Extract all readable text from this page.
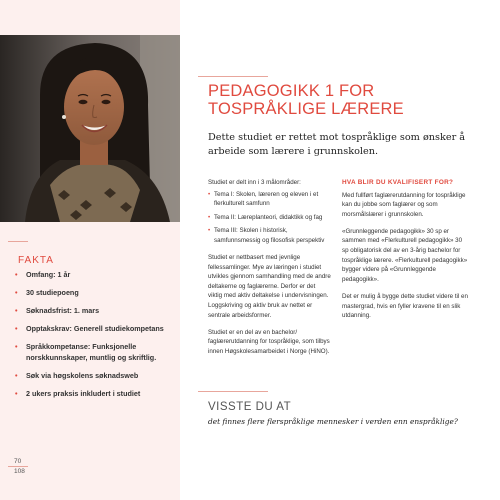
FAKTA
• Omfang: 1 år
• 30 studiepoeng
• Søknadsfrist: 1. mars
• Opptakskrav: Generell studiekompetans
• Språkkompetanse: Funksjonelle norskkunnskaper, muntlig og skriftlig.
• Søk via høgskolens søknadsweb
• 2 ukers praksis inkludert i studiet
70
108
PEDAGOGIKK 1 FOR TOSPRÅKLIGE LÆRERE

Dette studiet er rettet mot tospråklige som ønsker å arbeide som lærere i grunnskolen.

Studiet er delt inn i 3 målområder:

• Tema I: Skolen, læreren og eleven i et flerkulturelt samfunn
• Tema II: Læreplanteori, didaktikk og fag
• Tema III: Skolen i historisk, samfunnsmessig og filosofisk perspektiv

Studiet er nettbasert med jevnlige fellessamlinger. Mye av læringen i studiet utvikles gjennom samhandling med de andre deltakerne og faglærerne. Derfor er det viktig med aktiv deltakelse i undervisningen. Loggskriving og aktiv bruk av nettet er sentrale arbeidsformer.

Studiet er en del av en bachelor/ faglærerutdanning for tospråklige, som tilbys innen Høgskolesamarbeidet i Norge (HiNO).

HVA BLIR DU KVALIFISERT FOR?

Med fullført faglærerutdanning for tospråklige kan du jobbe som faglærer og som morsmålslærer i grunnskolen.

«Grunnleggende pedagogikk» 30 sp er sammen med «Flerkulturell pedagogikk» 30 sp obligatorisk del av en 3-årig bachelor for tospråklige lærere. «Flerkulturell pedagogikk» bygger videre på «Grunnleggende pedagogikk».

Det er mulig å bygge dette studiet videre til en mastergrad, hvis en fyller kravene til en slik utdanning.

VISSTE DU AT
det finnes flere flerspråklige mennesker i verden enn enspråklige?
